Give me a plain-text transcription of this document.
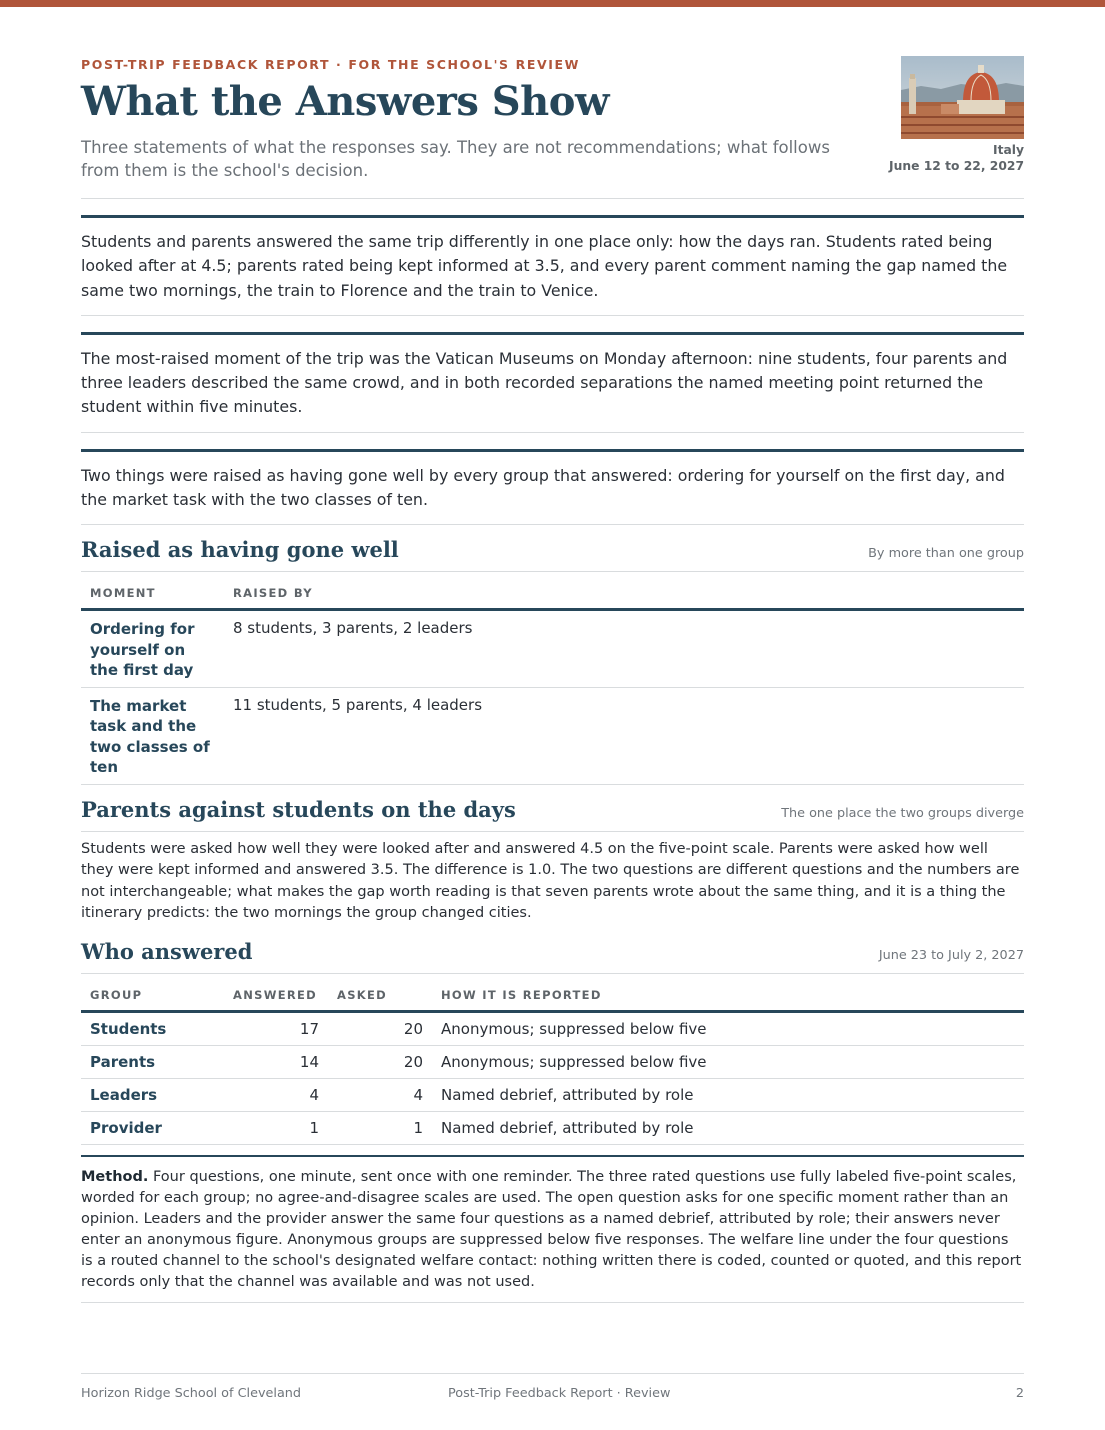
POST-TRIP FEEDBACK REPORT · FOR THE SCHOOL'S REVIEW
What the Answers Show
Three statements of what the responses say. They are not recommendations; what follows from them is the school's decision.
Italy
June 12 to 22, 2027
Students and parents answered the same trip differently in one place only: how the days ran. Students rated being looked after at 4.5; parents rated being kept informed at 3.5, and every parent comment naming the gap named the same two mornings, the train to Florence and the train to Venice.
The most-raised moment of the trip was the Vatican Museums on Monday afternoon: nine students, four parents and three leaders described the same crowd, and in both recorded separations the named meeting point returned the student within five minutes.
Two things were raised as having gone well by every group that answered: ordering for yourself on the first day, and the market task with the two classes of ten.
Raised as having gone well	By more than one group
MOMENT	RAISED BY
Ordering for yourself on the first day	8 students, 3 parents, 2 leaders
The market task and the two classes of ten	11 students, 5 parents, 4 leaders
Parents against students on the days	The one place the two groups diverge
Students were asked how well they were looked after and answered 4.5 on the five-point scale. Parents were asked how well they were kept informed and answered 3.5. The difference is 1.0. The two questions are different questions and the numbers are not interchangeable; what makes the gap worth reading is that seven parents wrote about the same thing, and it is a thing the itinerary predicts: the two mornings the group changed cities.
Who answered	June 23 to July 2, 2027
GROUP	ANSWERED	ASKED	HOW IT IS REPORTED
Students	17	20	Anonymous; suppressed below five
Parents	14	20	Anonymous; suppressed below five
Leaders	4	4	Named debrief, attributed by role
Provider	1	1	Named debrief, attributed by role
Method. Four questions, one minute, sent once with one reminder. The three rated questions use fully labeled five-point scales, worded for each group; no agree-and-disagree scales are used. The open question asks for one specific moment rather than an opinion. Leaders and the provider answer the same four questions as a named debrief, attributed by role; their answers never enter an anonymous figure. Anonymous groups are suppressed below five responses. The welfare line under the four questions is a routed channel to the school's designated welfare contact: nothing written there is coded, counted or quoted, and this report records only that the channel was available and was not used.
Horizon Ridge School of Cleveland	Post-Trip Feedback Report · Review	2
